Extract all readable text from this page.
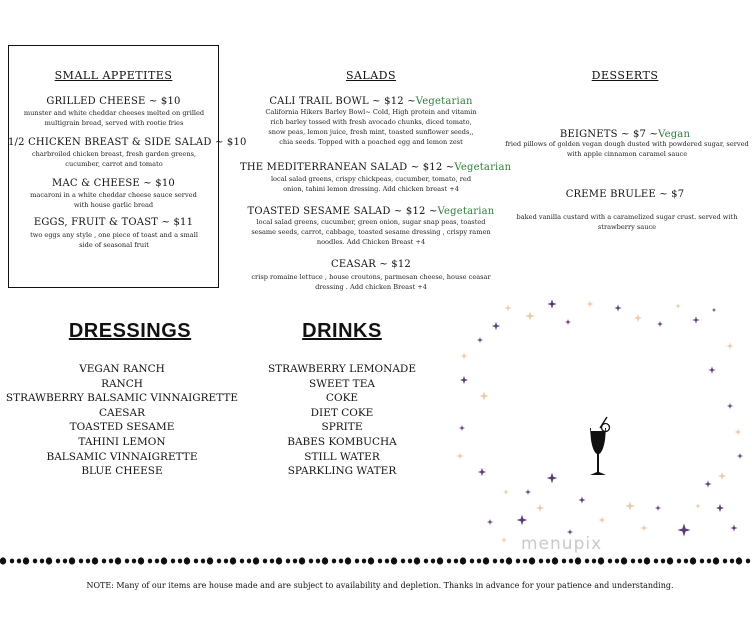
SMALL APPETITES
GRILLED CHEESE ~ $10
munster and white cheddar cheeses melted on grilled multigrain bread, served with rootie fries
1/2 CHICKEN BREAST & SIDE SALAD ~ $10
charbroiled chicken breast, fresh garden greens, cucumber, carrot and tomato
MAC & CHEESE ~ $10
macaroni in a white cheddar cheese sauce served with house garlic bread
EGGS, FRUIT & TOAST ~ $11
two eggs any style , one piece of toast and a small side of seasonal fruit
SALADS
CALI TRAIL BOWL ~ $12 ~Vegetarian
California Hikers Barley Bowl~ Cold, High protein and vitamin rich barley tossed with fresh avocado chunks, diced tomato, snow peas, lemon juice, fresh mint, toasted sunflower seeds,, chia seeds. Topped with a poached egg and lemon zest
THE MEDITERRANEAN SALAD ~ $12 ~Vegetarian
local salad greens, crispy chickpeas, cucumber, tomato, red onion, tahini lemon dressing. Add chicken breast +4
TOASTED SESAME SALAD ~ $12 ~Vegetarian
local salad greens, cucumber, green onion, sugar snap peas, toasted sesame seeds, carrot, cabbage, toasted sesame dressing , crispy ramen noodles. Add Chicken Breast +4
CEASAR ~ $12
crisp romaine lettuce , house croutons, parmesan cheese, house ceasar dressing . Add chicken Breast +4
DESSERTS
BEIGNETS ~ $7 ~Vegan
fried pillows of golden vegan dough dusted with powdered sugar, served with apple cinnamon caramel sauce
CREME BRULEE ~ $7
baked vanilla custard with a caramelized sugar crust. served with strawberry sauce
DRESSINGS
VEGAN RANCH
RANCH
STRAWBERRY BALSAMIC VINNAIGRETTE
CAESAR
TOASTED SESAME
TAHINI LEMON
BALSAMIC VINNAIGRETTE
BLUE CHEESE
DRINKS
STRAWBERRY LEMONADE
SWEET TEA
COKE
DIET COKE
SPRITE
BABES KOMBUCHA
STILL WATER
SPARKLING WATER
menupix
NOTE: Many of our items are house made and are subject to availability and depletion. Thanks in advance for your patience and understanding.
